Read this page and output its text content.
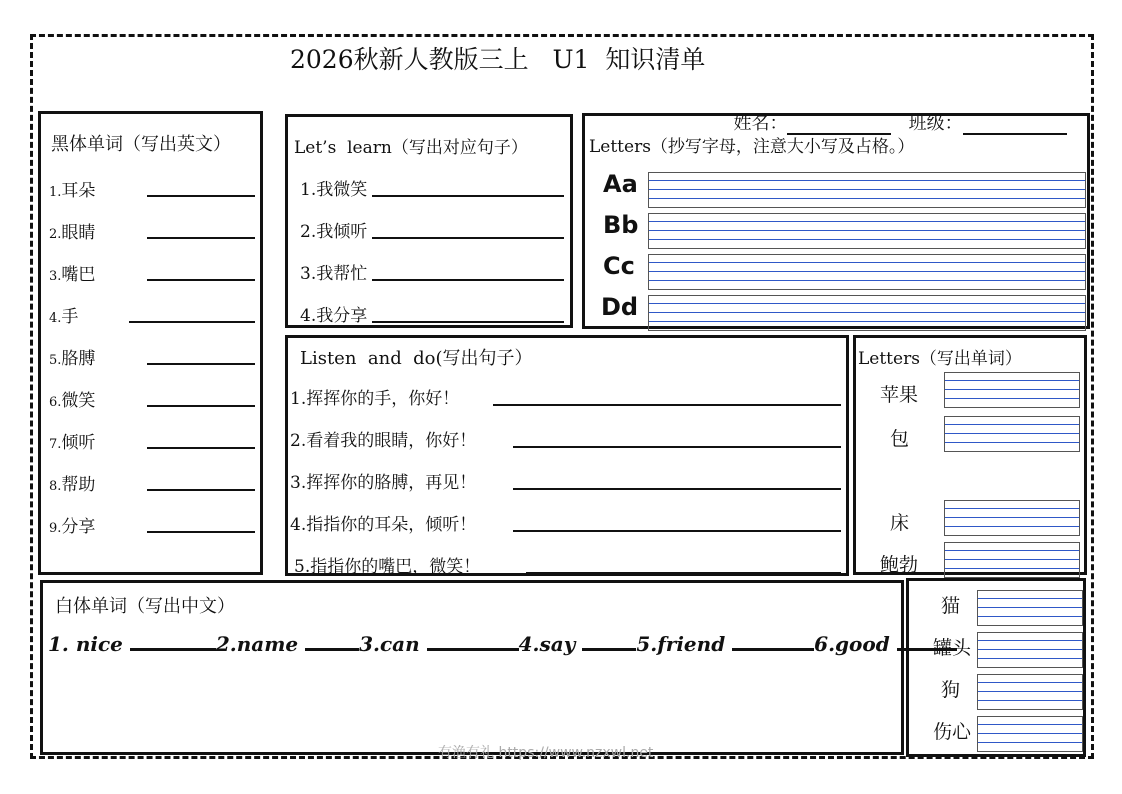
2026秋新人教版三上   U1  知识清单

姓名：	班级：

黑体单词（写出英文）
1.耳朵
2.眼睛
3.嘴巴
4.手
5.胳膊
6.微笑
7.倾听
8.帮助
9.分享
Let’s  learn（写出对应句子）
1.我微笑
2.我倾听
3.我帮忙
4.我分享
Letters（抄写字母，注意大小写及占格。）
Aa
Bb
Cc
Dd
Listen  and  do(写出句子）
1.挥挥你的手，你好！
2.看着我的眼睛，你好！
3.挥挥你的胳膊，再见！
4.指指你的耳朵，倾听！
5.指指你的嘴巴，微笑！
Letters（写出单词）
苹果
包
床
鲍勃
白体单词（写出中文）
1. nice	2.name	3.can	4.say	5.friend	6.good
猫
罐头
狗
伤心
有渔有礼 https://www.nzxwl.net
